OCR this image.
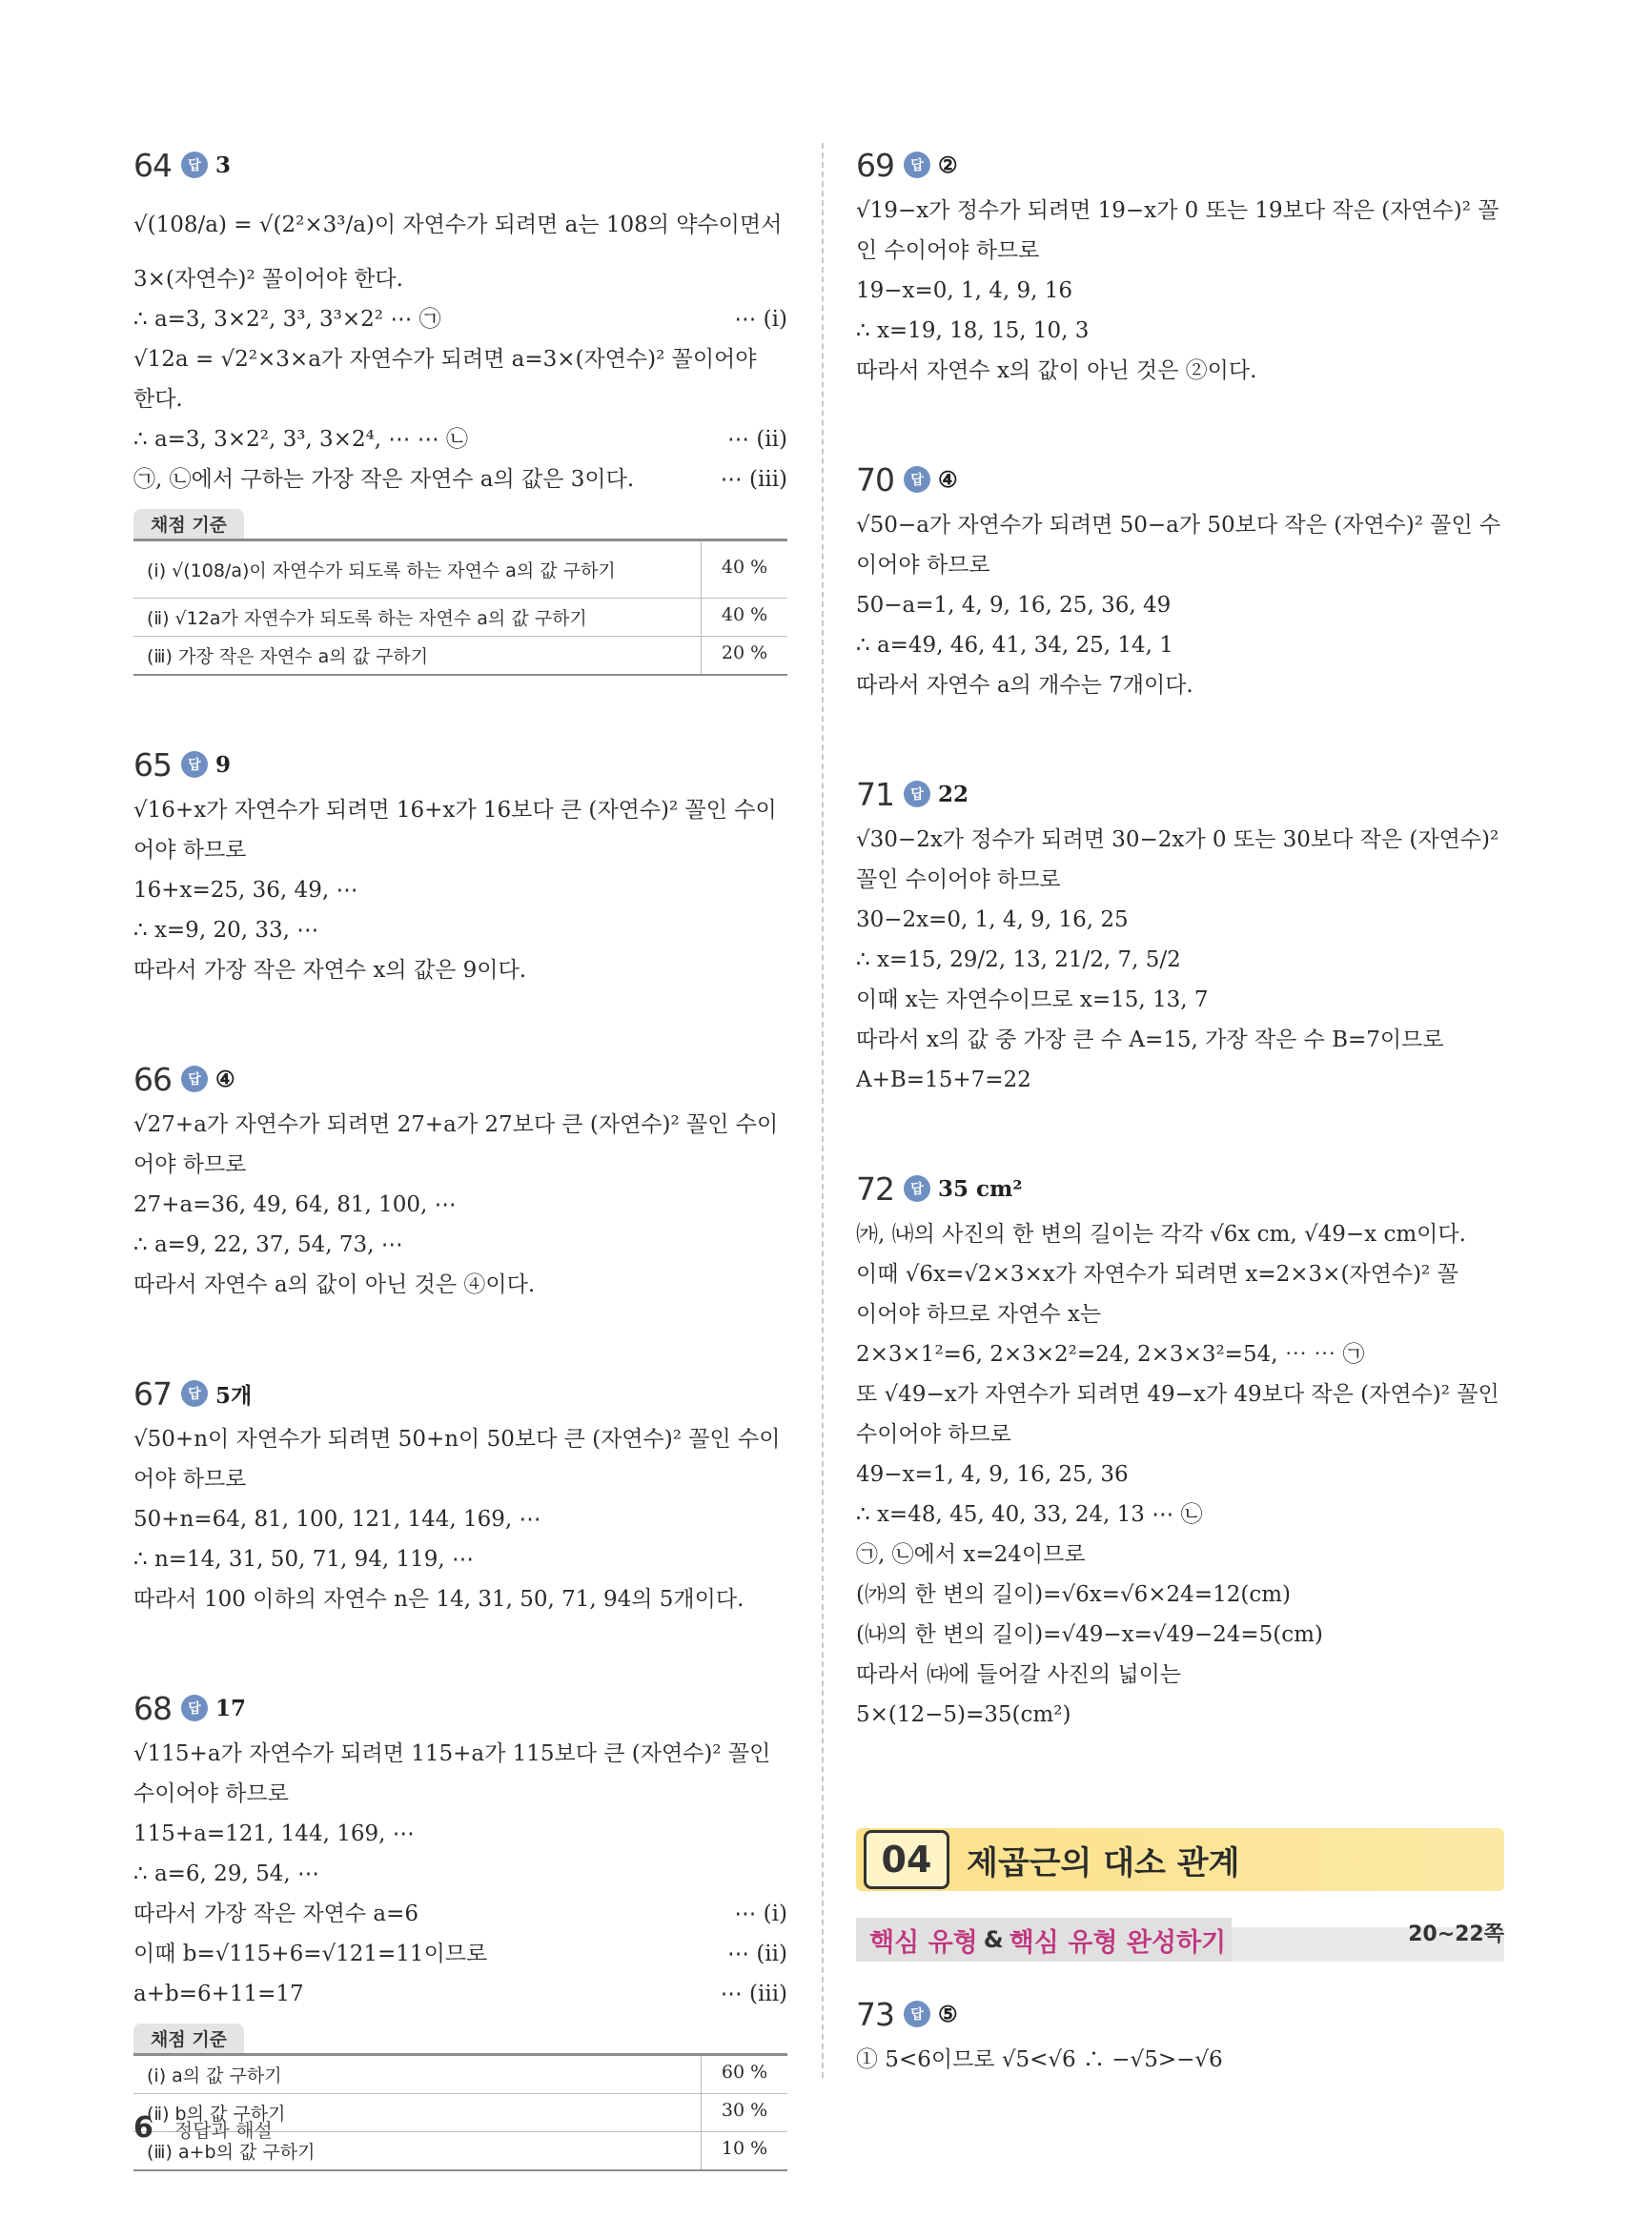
64	답 3
√(108/a) = √(2²×3³/a)이 자연수가 되려면 a는 108의 약수이면서
3×(자연수)² 꼴이어야 한다.
∴ a=3, 3×2², 3³, 3³×2² ⋯ ㉠	⋯ (ⅰ)
√12a = √2²×3×a가 자연수가 되려면 a=3×(자연수)² 꼴이어야
한다.
∴ a=3, 3×2², 3³, 3×2⁴, ⋯ ⋯ ㉡	⋯ (ⅱ)
㉠, ㉡에서 구하는 가장 작은 자연수 a의 값은 3이다.	⋯ (ⅲ)
채점 기준
(ⅰ) √(108/a)이 자연수가 되도록 하는 자연수 a의 값 구하기	40 %
(ⅱ) √12a가 자연수가 되도록 하는 자연수 a의 값 구하기	40 %
(ⅲ) 가장 작은 자연수 a의 값 구하기	20 %
65	답 9
√16+x가 자연수가 되려면 16+x가 16보다 큰 (자연수)² 꼴인 수이
어야 하므로
16+x=25, 36, 49, ⋯
∴ x=9, 20, 33, ⋯
따라서 가장 작은 자연수 x의 값은 9이다.
66	답 ④
√27+a가 자연수가 되려면 27+a가 27보다 큰 (자연수)² 꼴인 수이
어야 하므로
27+a=36, 49, 64, 81, 100, ⋯
∴ a=9, 22, 37, 54, 73, ⋯
따라서 자연수 a의 값이 아닌 것은 ④이다.
67	답 5개
√50+n이 자연수가 되려면 50+n이 50보다 큰 (자연수)² 꼴인 수이
어야 하므로
50+n=64, 81, 100, 121, 144, 169, ⋯
∴ n=14, 31, 50, 71, 94, 119, ⋯
따라서 100 이하의 자연수 n은 14, 31, 50, 71, 94의 5개이다.
68	답 17
√115+a가 자연수가 되려면 115+a가 115보다 큰 (자연수)² 꼴인
수이어야 하므로
115+a=121, 144, 169, ⋯
∴ a=6, 29, 54, ⋯
따라서 가장 작은 자연수 a=6	⋯ (ⅰ)
이때 b=√115+6=√121=11이므로	⋯ (ⅱ)
a+b=6+11=17	⋯ (ⅲ)
채점 기준
(ⅰ) a의 값 구하기	60 %
(ⅱ) b의 값 구하기	30 %
(ⅲ) a+b의 값 구하기	10 %
69	답 ②
√19−x가 정수가 되려면 19−x가 0 또는 19보다 작은 (자연수)² 꼴
인 수이어야 하므로
19−x=0, 1, 4, 9, 16
∴ x=19, 18, 15, 10, 3
따라서 자연수 x의 값이 아닌 것은 ②이다.
70	답 ④
√50−a가 자연수가 되려면 50−a가 50보다 작은 (자연수)² 꼴인 수
이어야 하므로
50−a=1, 4, 9, 16, 25, 36, 49
∴ a=49, 46, 41, 34, 25, 14, 1
따라서 자연수 a의 개수는 7개이다.
71	답 22
√30−2x가 정수가 되려면 30−2x가 0 또는 30보다 작은 (자연수)²
꼴인 수이어야 하므로
30−2x=0, 1, 4, 9, 16, 25
∴ x=15, 29/2, 13, 21/2, 7, 5/2
이때 x는 자연수이므로 x=15, 13, 7
따라서 x의 값 중 가장 큰 수 A=15, 가장 작은 수 B=7이므로
A+B=15+7=22
72	답 35 cm²
㈎, ㈏의 사진의 한 변의 길이는 각각 √6x cm, √49−x cm이다.
이때 √6x=√2×3×x가 자연수가 되려면 x=2×3×(자연수)² 꼴
이어야 하므로 자연수 x는
2×3×1²=6, 2×3×2²=24, 2×3×3²=54, ⋯ ⋯ ㉠
또 √49−x가 자연수가 되려면 49−x가 49보다 작은 (자연수)² 꼴인
수이어야 하므로
49−x=1, 4, 9, 16, 25, 36
∴ x=48, 45, 40, 33, 24, 13 ⋯ ㉡
㉠, ㉡에서 x=24이므로
(㈎의 한 변의 길이)=√6x=√6×24=12(cm)
(㈏의 한 변의 길이)=√49−x=√49−24=5(cm)
따라서 ㈐에 들어갈 사진의 넓이는
5×(12−5)=35(cm²)
04	제곱근의 대소 관계
핵심 유형 & 핵심 유형 완성하기	20~22쪽
73	답 ⑤
① 5<6이므로 √5<√6 ∴ −√5>−√6
6 정답과 해설
